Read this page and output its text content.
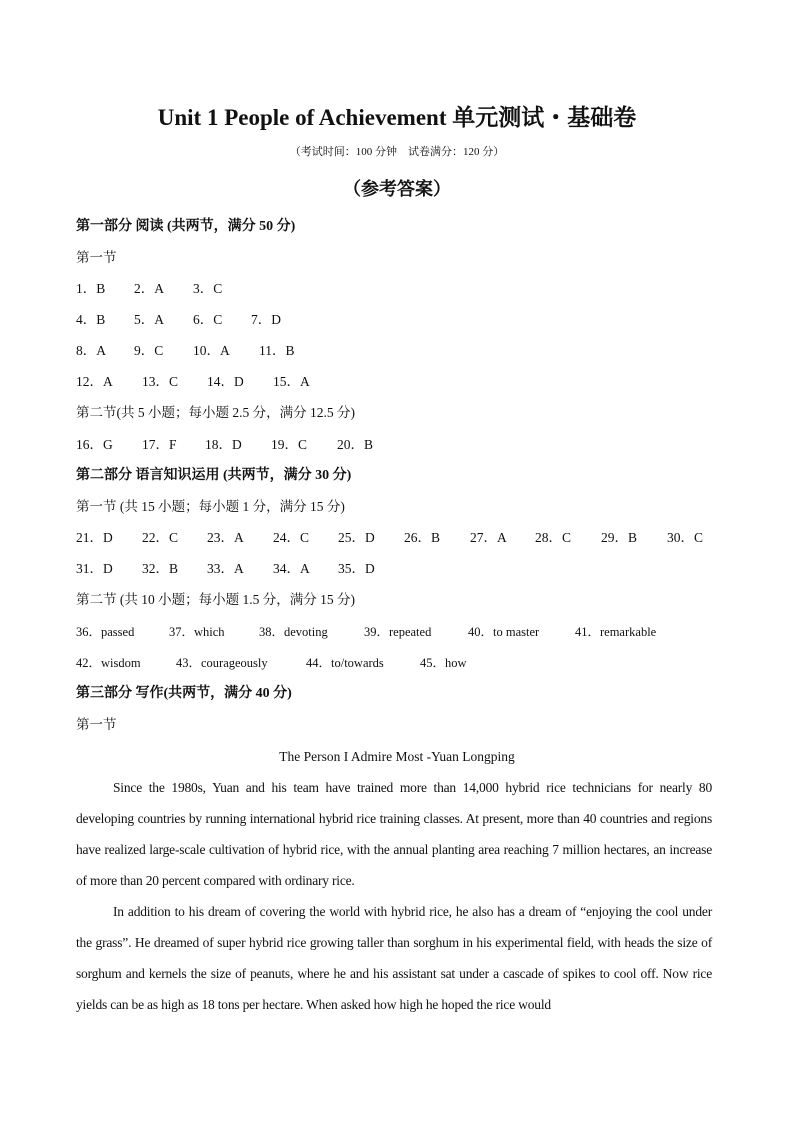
Unit 1 People of Achievement 单元测试・基础卷
（考试时间：100 分钟　试卷满分：120 分）
（参考答案）
第一部分 阅读 (共两节，满分 50 分)
第一节
1．B 2．A 3．C
4．B 5．A 6．C 7．D
8．A 9．C 10．A 11．B
12．A 13．C 14．D 15．A
第二节(共 5 小题；每小题 2.5 分，满分 12.5 分)
16．G 17．F 18．D 19．C 20．B
第二部分 语言知识运用 (共两节，满分 30 分)
第一节 (共 15 小题；每小题 1 分，满分 15 分)
21．D 22．C 23．A 24．C 25．D 26．B 27．A 28．C 29．B 30．C
31．D 32．B 33．A 34．A 35．D
第二节 (共 10 小题；每小题 1.5 分，满分 15 分)
36．passed	37．which	38．devoting	39．repeated	40．to master	41．remarkable
42．wisdom	43．courageously	44．to/towards	45．how
第三部分 写作(共两节，满分 40 分)
第一节
The Person I Admire Most -Yuan Longping

Since the 1980s, Yuan and his team have trained more than 14,000 hybrid rice technicians for nearly 80 developing countries by running international hybrid rice training classes. At present, more than 40 countries and regions have realized large-scale cultivation of hybrid rice, with the annual planting area reaching 7 million hectares, an increase of more than 20 percent compared with ordinary rice.

In addition to his dream of covering the world with hybrid rice, he also has a dream of “enjoying the cool under the grass”. He dreamed of super hybrid rice growing taller than sorghum in his experimental field, with heads the size of sorghum and kernels the size of peanuts, where he and his assistant sat under a cascade of spikes to cool off. Now rice yields can be as high as 18 tons per hectare. When asked how high he hoped the rice would
